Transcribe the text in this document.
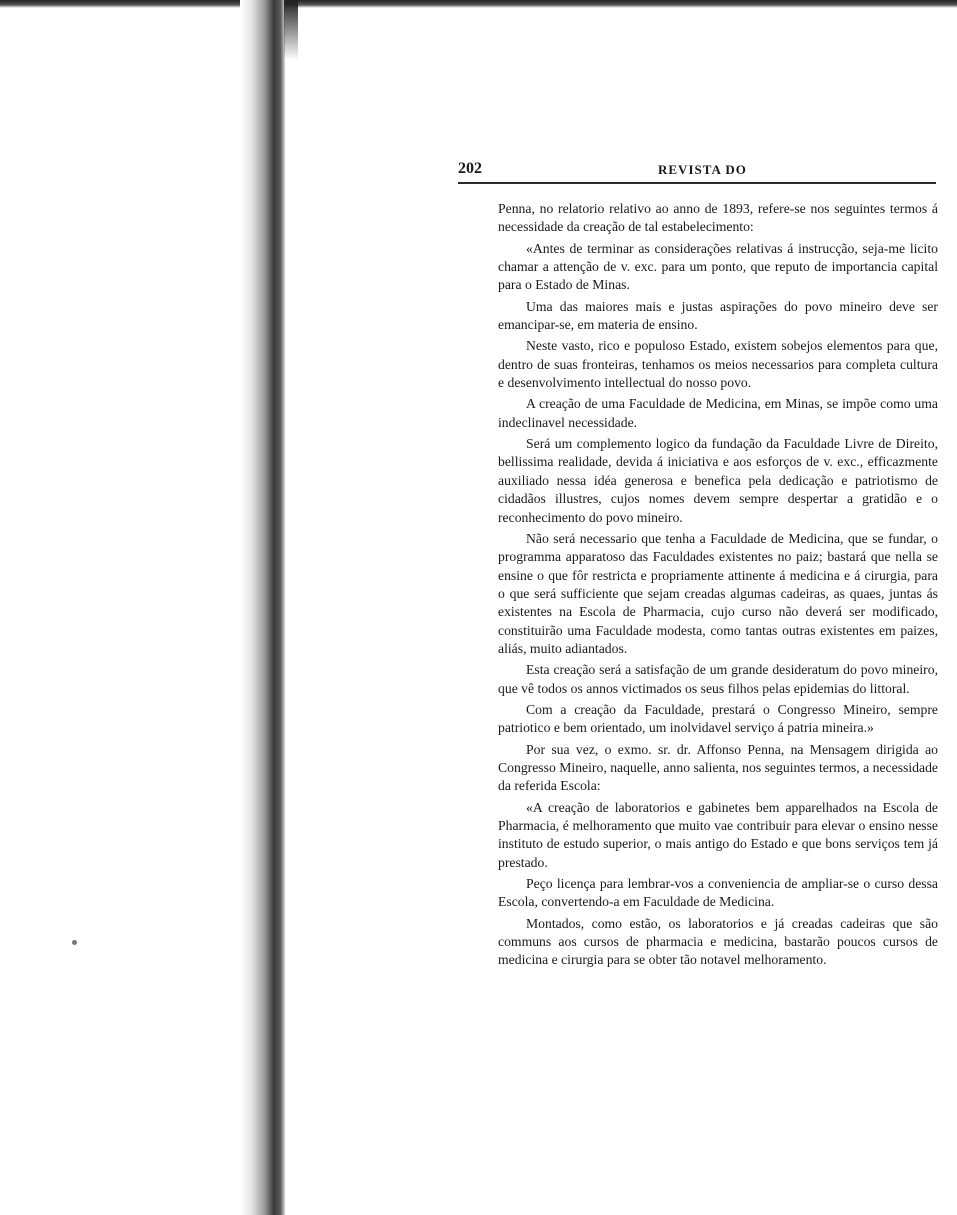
202	REVISTA DO

Penna, no relatorio relativo ao anno de 1893, refere-se nos seguintes termos á necessidade da creação de tal estabelecimento:

«Antes de terminar as considerações relativas á instrucção, seja-me licito chamar a attenção de v. exc. para um ponto, que reputo de importancia capital para o Estado de Minas.

Uma das maiores mais e justas aspirações do povo mineiro deve ser emancipar-se, em materia de ensino.

Neste vasto, rico e populoso Estado, existem sobejos elementos para que, dentro de suas fronteiras, tenhamos os meios necessarios para completa cultura e desenvolvimento intellectual do nosso povo.

A creação de uma Faculdade de Medicina, em Minas, se impõe como uma indeclinavel necessidade.

Será um complemento logico da fundação da Faculdade Livre de Direito, bellissima realidade, devida á iniciativa e aos esforços de v. exc., efficazmente auxiliado nessa idéa generosa e benefica pela dedicação e patriotismo de cidadãos illustres, cujos nomes devem sempre despertar a gratidão e o reconhecimento do povo mineiro.

Não será necessario que tenha a Faculdade de Medicina, que se fundar, o programma apparatoso das Faculdades existentes no paiz; bastará que nella se ensine o que fôr restricta e propriamente attinente á medicina e á cirurgia, para o que será sufficiente que sejam creadas algumas cadeiras, as quaes, juntas ás existentes na Escola de Pharmacia, cujo curso não deverá ser modificado, constituirão uma Faculdade modesta, como tantas outras existentes em paizes, aliás, muito adiantados.

Esta creação será a satisfação de um grande desideratum do povo mineiro, que vê todos os annos victimados os seus filhos pelas epidemias do littoral.

Com a creação da Faculdade, prestará o Congresso Mineiro, sempre patriotico e bem orientado, um inolvidavel serviço á patria mineira.»

Por sua vez, o exmo. sr. dr. Affonso Penna, na Mensagem dirigida ao Congresso Mineiro, naquelle, anno salienta, nos seguintes termos, a necessidade da referida Escola:

«A creação de laboratorios e gabinetes bem apparelhados na Escola de Pharmacia, é melhoramento que muito vae contribuir para elevar o ensino nesse instituto de estudo superior, o mais antigo do Estado e que bons serviços tem já prestado.

Peço licença para lembrar-vos a conveniencia de ampliar-se o curso dessa Escola, convertendo-a em Faculdade de Medicina.

Montados, como estão, os laboratorios e já creadas cadeiras que são communs aos cursos de pharmacia e medicina, bastarão poucos cursos de medicina e cirurgia para se obter tão notavel melhoramento.
